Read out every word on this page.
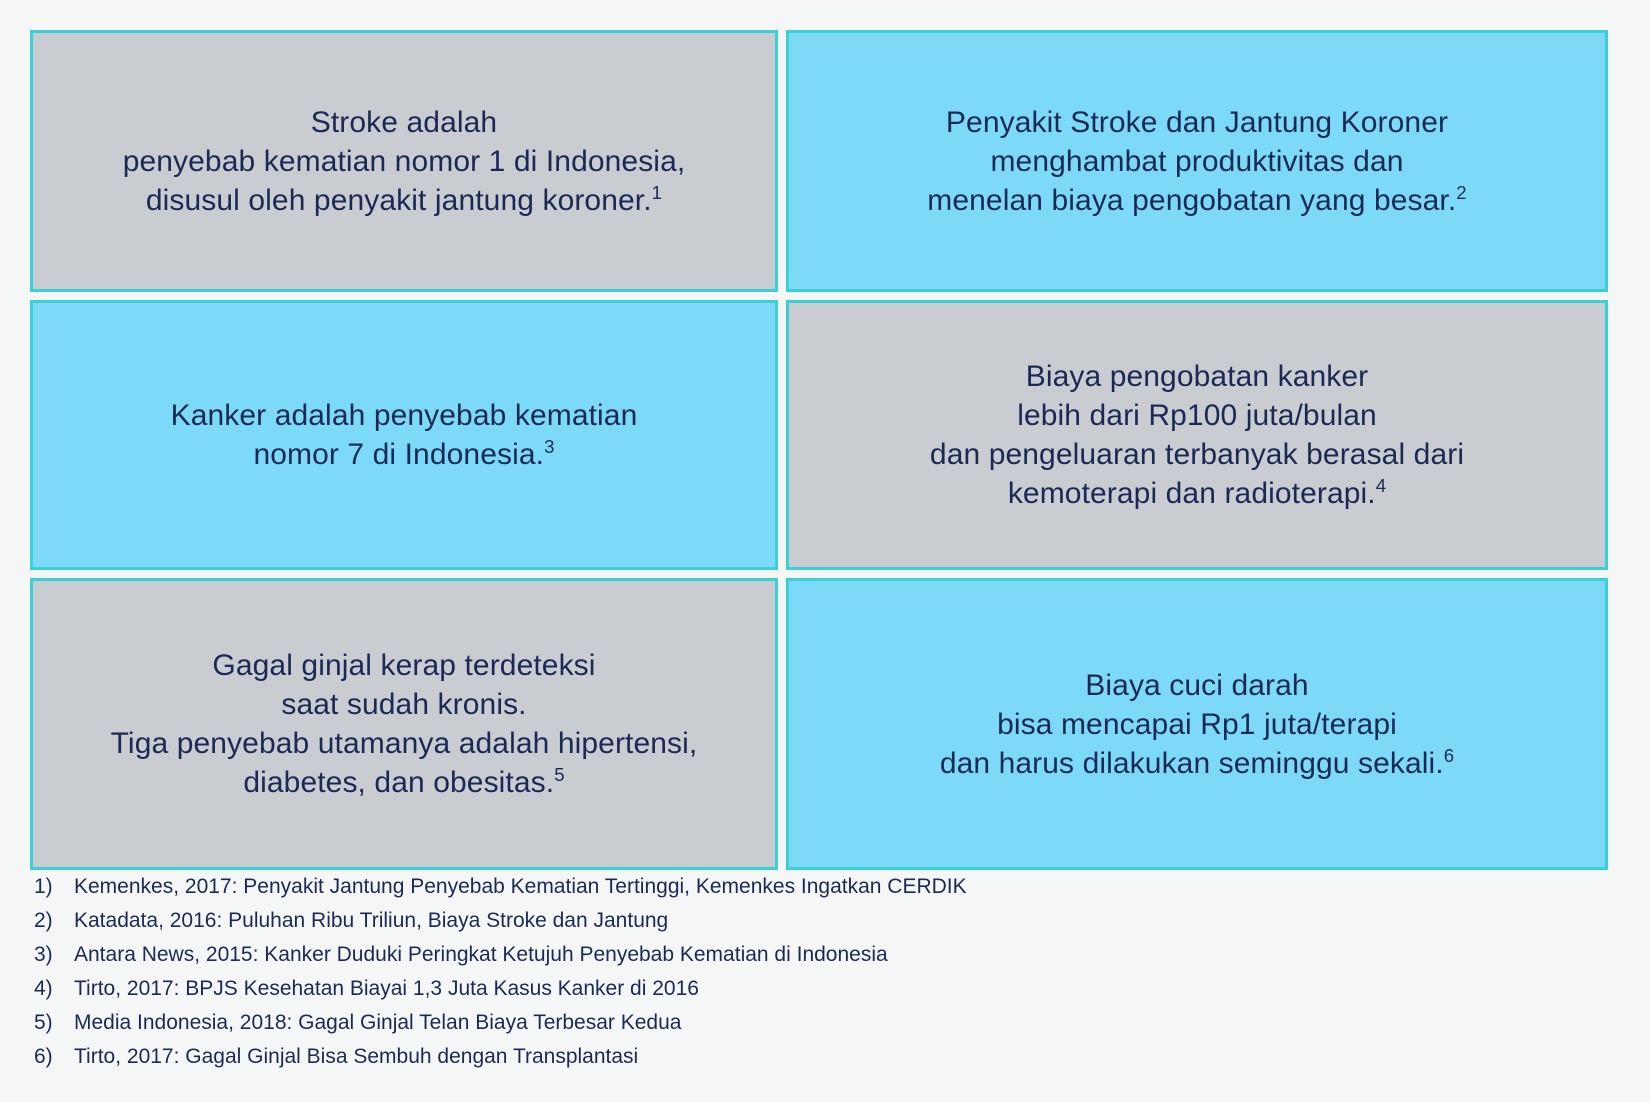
Stroke adalah
penyebab kematian nomor 1 di Indonesia,
disusul oleh penyakit jantung koroner.$^1$
Penyakit Stroke dan Jantung Koroner
menghambat produktivitas dan
menelan biaya pengobatan yang besar.$^2$
Kanker adalah penyebab kematian
nomor 7 di Indonesia.$^3$
Biaya pengobatan kanker
lebih dari Rp100 juta/bulan
dan pengeluaran terbanyak berasal dari
kemoterapi dan radioterapi.$^4$
Gagal ginjal kerap terdeteksi
saat sudah kronis.
Tiga penyebab utamanya adalah hipertensi,
diabetes, dan obesitas.$^5$
Biaya cuci darah
bisa mencapai Rp1 juta/terapi
dan harus dilakukan seminggu sekali.$^6$
1)	Kemenkes, 2017: Penyakit Jantung Penyebab Kematian Tertinggi, Kemenkes Ingatkan CERDIK
2)	Katadata, 2016: Puluhan Ribu Triliun, Biaya Stroke dan Jantung
3)	Antara News, 2015: Kanker Duduki Peringkat Ketujuh Penyebab Kematian di Indonesia
4)	Tirto, 2017: BPJS Kesehatan Biayai 1,3 Juta Kasus Kanker di 2016
5)	Media Indonesia, 2018: Gagal Ginjal Telan Biaya Terbesar Kedua
6)	Tirto, 2017: Gagal Ginjal Bisa Sembuh dengan Transplantasi
